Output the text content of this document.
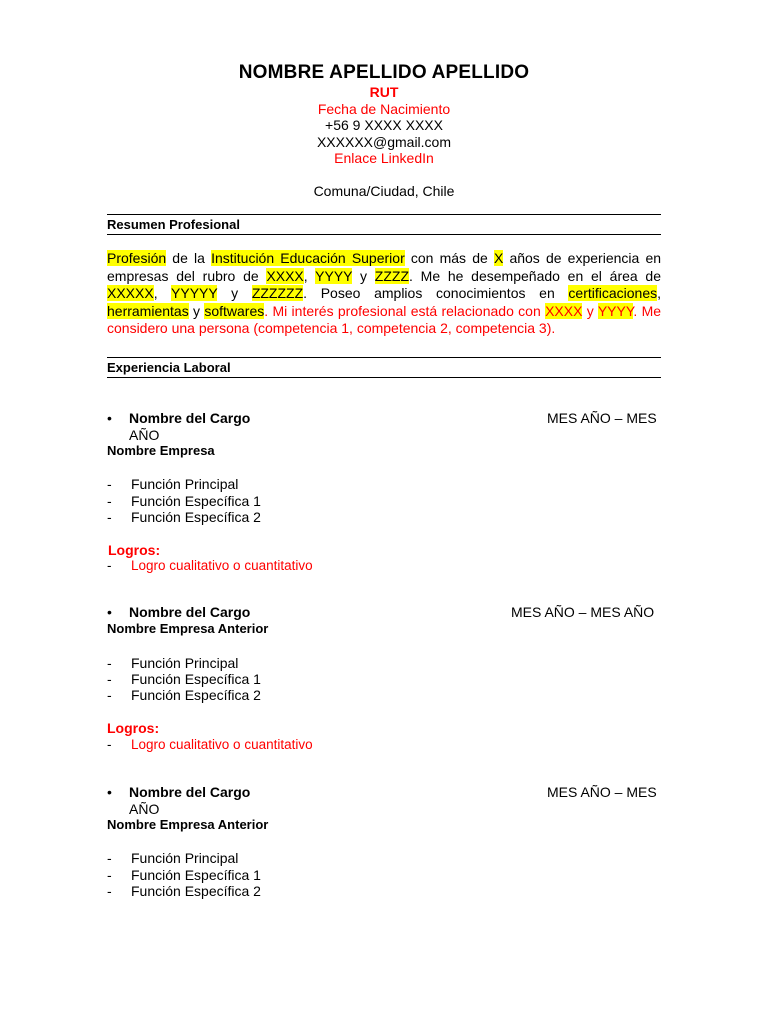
NOMBRE APELLIDO APELLIDO
RUT
Fecha de Nacimiento
+56 9 XXXX XXXX
XXXXXX@gmail.com
Enlace LinkedIn
Comuna/Ciudad, Chile
Resumen Profesional
Profesión de la Institución Educación Superior con más de X años de experiencia en empresas del rubro de XXXX, YYYY y ZZZZ. Me he desempeñado en el área de XXXXX, YYYYY y ZZZZZZ. Poseo amplios conocimientos en certificaciones, herramientas y softwares. Mi interés profesional está relacionado con XXXX y YYYY. Me considero una persona (competencia 1, competencia 2, competencia 3).
Experiencia Laboral
• Nombre del Cargo	MES AÑO – MES
AÑO
Nombre Empresa
- Función Principal
- Función Específica 1
- Función Específica 2
Logros:
- Logro cualitativo o cuantitativo
• Nombre del Cargo	MES AÑO – MES AÑO
Nombre Empresa Anterior
- Función Principal
- Función Específica 1
- Función Específica 2
Logros:
- Logro cualitativo o cuantitativo
• Nombre del Cargo	MES AÑO – MES
AÑO
Nombre Empresa Anterior
- Función Principal
- Función Específica 1
- Función Específica 2
